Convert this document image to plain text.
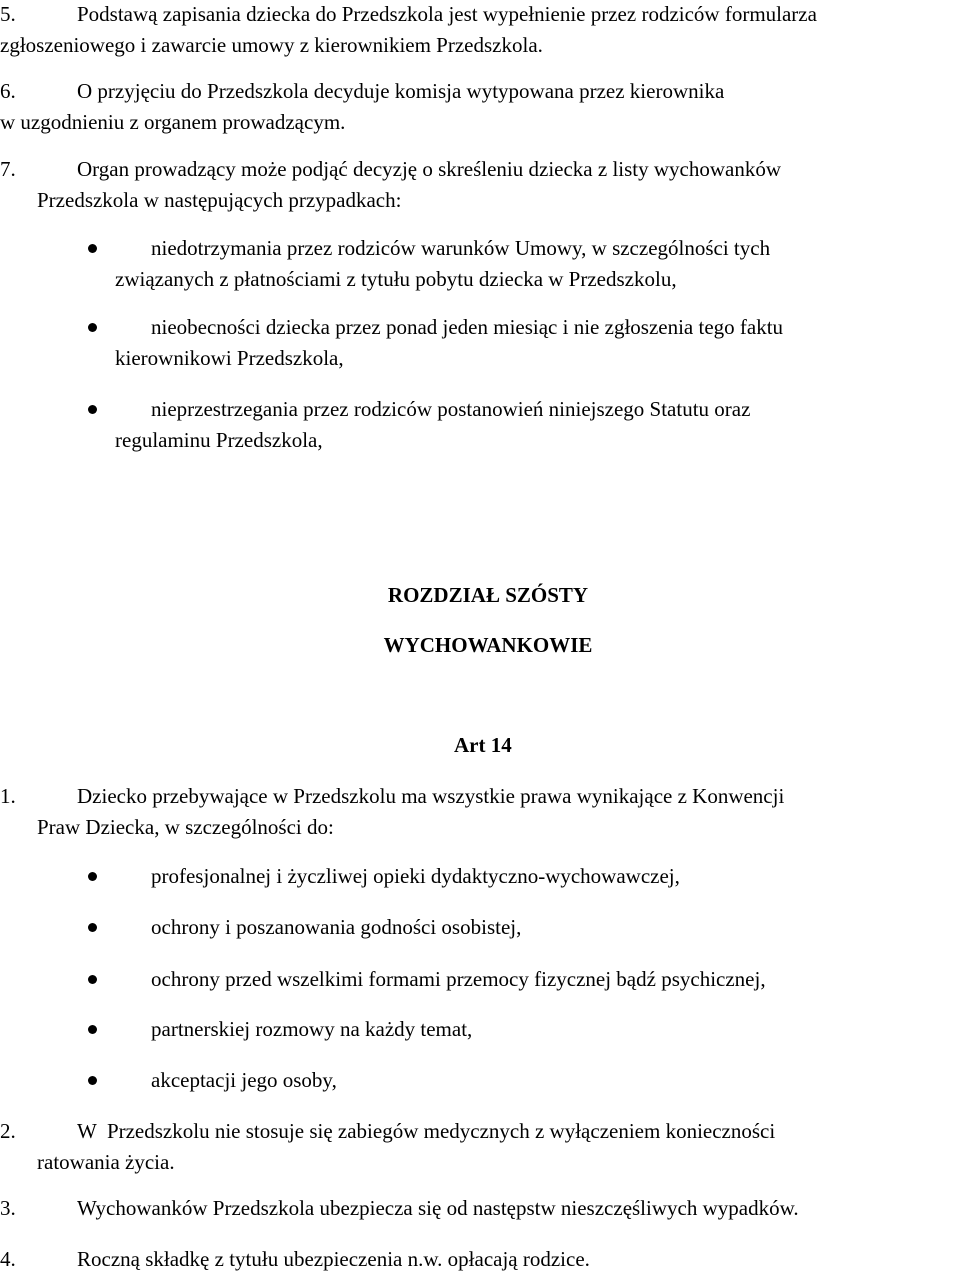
5.	Podstawą zapisania dziecka do Przedszkola jest wypełnienie przez rodziców formularza
zgłoszeniowego i zawarcie umowy z kierownikiem Przedszkola.
6.	O przyjęciu do Przedszkola decyduje komisja wytypowana przez kierownika
w uzgodnieniu z organem prowadzącym.
7.	Organ prowadzący może podjąć decyzję o skreśleniu dziecka z listy wychowanków
Przedszkola w następujących przypadkach:
niedotrzymania przez rodziców warunków Umowy, w szczególności tych
związanych z płatnościami z tytułu pobytu dziecka w Przedszkolu,
nieobecności dziecka przez ponad jeden miesiąc i nie zgłoszenia tego faktu
kierownikowi Przedszkola,
nieprzestrzegania przez rodziców postanowień niniejszego Statutu oraz
regulaminu Przedszkola,
ROZDZIAŁ SZÓSTY
WYCHOWANKOWIE
Art 14
1.	Dziecko przebywające w Przedszkolu ma wszystkie prawa wynikające z Konwencji
Praw Dziecka, w szczególności do:
profesjonalnej i życzliwej opieki dydaktyczno-wychowawczej,
ochrony i poszanowania godności osobistej,
ochrony przed wszelkimi formami przemocy fizycznej bądź psychicznej,
partnerskiej rozmowy na każdy temat,
akceptacji jego osoby,
2.	W  Przedszkolu nie stosuje się zabiegów medycznych z wyłączeniem konieczności
ratowania życia.
3.	Wychowanków Przedszkola ubezpiecza się od następstw nieszczęśliwych wypadków.
4.	Roczną składkę z tytułu ubezpieczenia n.w. opłacają rodzice.
